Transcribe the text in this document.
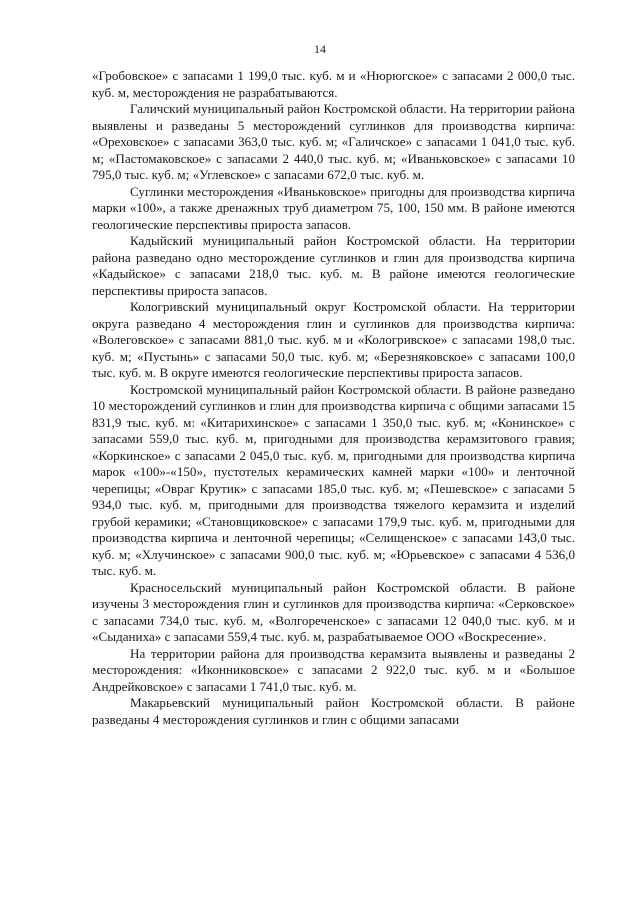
14

«Гробовское» с запасами 1 199,0 тыс. куб. м и «Нюрюгское» с запасами 2 000,0 тыс. куб. м, месторождения не разрабатываются.

Галичский муниципальный район Костромской области. На территории района выявлены и разведаны 5 месторождений суглинков для производства кирпича: «Ореховское» с запасами 363,0 тыс. куб. м; «Галичское» с запасами 1 041,0 тыс. куб. м; «Пастомаковское» с запасами 2 440,0 тыс. куб. м; «Иваньковское» с запасами 10 795,0 тыс. куб. м; «Углевское» с запасами 672,0 тыс. куб. м.

Суглинки месторождения «Иваньковское» пригодны для производства кирпича марки «100», а также дренажных труб диаметром 75, 100, 150 мм. В районе имеются геологические перспективы прироста запасов.

Кадыйский муниципальный район Костромской области. На территории района разведано одно месторождение суглинков и глин для производства кирпича «Кадыйское» с запасами 218,0 тыс. куб. м. В районе имеются геологические перспективы прироста запасов.

Кологривский муниципальный округ Костромской области. На территории округа разведано 4 месторождения глин и суглинков для производства кирпича: «Волеговское» с запасами 881,0 тыс. куб. м и «Кологривское» с запасами 198,0 тыс. куб. м; «Пустынь» с запасами 50,0 тыс. куб. м; «Березняковское» с запасами 100,0 тыс. куб. м. В округе имеются геологические перспективы прироста запасов.

Костромской муниципальный район Костромской области. В районе разведано 10 месторождений суглинков и глин для производства кирпича с общими запасами 15 831,9 тыс. куб. м: «Китарихинское» с запасами 1 350,0 тыс. куб. м; «Конинское» с запасами 559,0 тыс. куб. м, пригодными для производства керамзитового гравия; «Коркинское» с запасами 2 045,0 тыс. куб. м, пригодными для производства кирпича марок «100»-«150», пустотелых керамических камней марки «100» и ленточной черепицы; «Овраг Крутик» с запасами 185,0 тыс. куб. м; «Пешевское» с запасами 5 934,0 тыс. куб. м, пригодными для производства тяжелого керамзита и изделий грубой керамики; «Становщиковское» с запасами 179,9 тыс. куб. м, пригодными для производства кирпича и ленточной черепицы; «Селищенское» с запасами 143,0 тыс. куб. м; «Хлучинское» с запасами 900,0 тыс. куб. м; «Юрьевское» с запасами 4 536,0 тыс. куб. м.

Красносельский муниципальный район Костромской области. В районе изучены 3 месторождения глин и суглинков для производства кирпича: «Серковское» с запасами 734,0 тыс. куб. м, «Волгореченское» с запасами 12 040,0 тыс. куб. м и «Сыданиха» с запасами 559,4 тыс. куб. м, разрабатываемое ООО «Воскресение».

На территории района для производства керамзита выявлены и разведаны 2 месторождения: «Иконниковское» с запасами 2 922,0 тыс. куб. м и «Большое Андрейковское» с запасами 1 741,0 тыс. куб. м.

Макарьевский муниципальный район Костромской области. В районе разведаны 4 месторождения суглинков и глин с общими запасами
